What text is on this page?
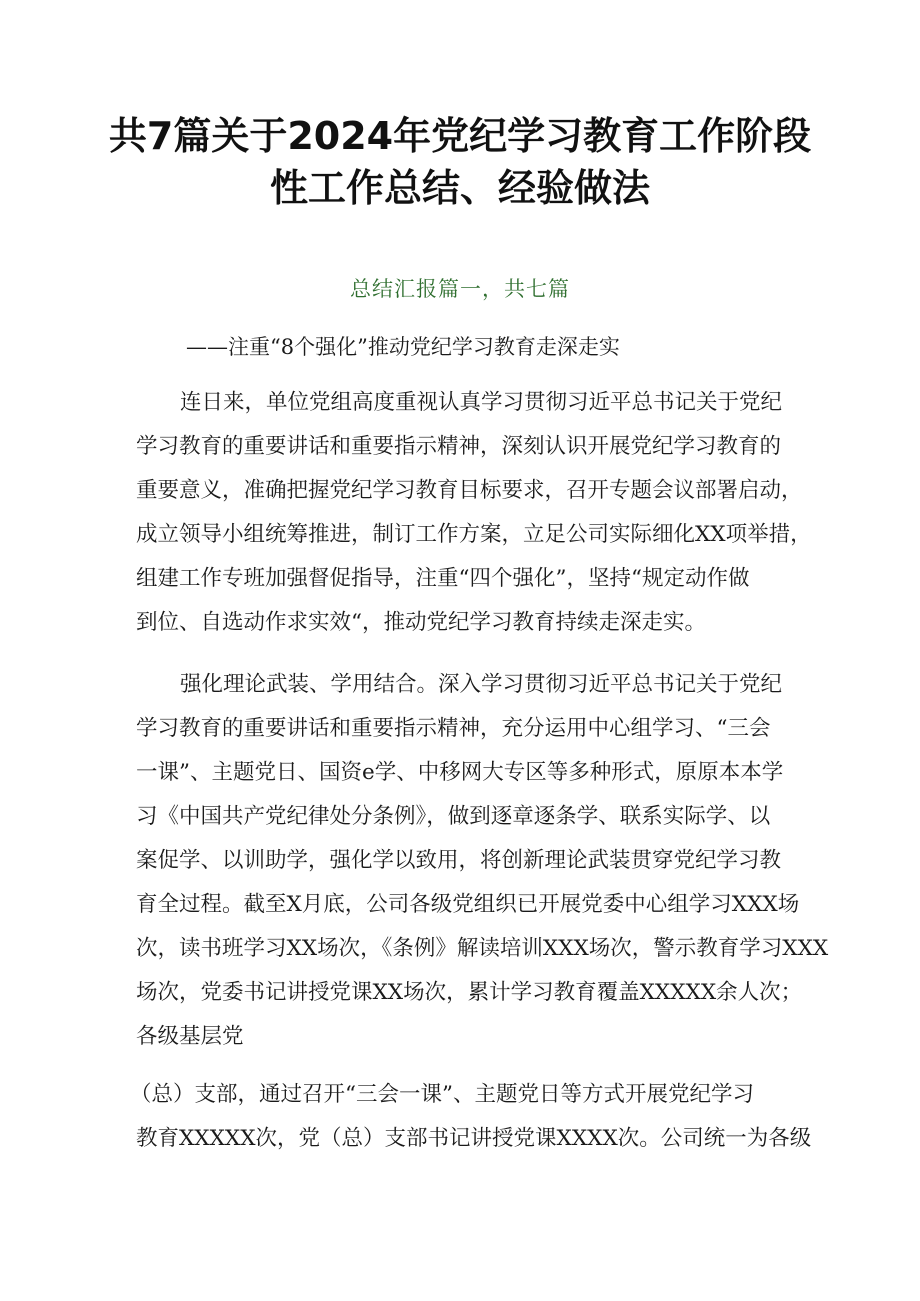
共7篇关于2024年党纪学习教育工作阶段
性工作总结、经验做法

总结汇报篇一，共七篇

——注重“8个强化”推动党纪学习教育走深走实

连日来，单位党组高度重视认真学习贯彻习近平总书记关于党纪

学习教育的重要讲话和重要指示精神，深刻认识开展党纪学习教育的

重要意义，准确把握党纪学习教育目标要求，召开专题会议部署启动，

成立领导小组统筹推进，制订工作方案，立足公司实际细化XX项举措，

组建工作专班加强督促指导，注重“四个强化”，坚持“规定动作做

到位、自选动作求实效“，推动党纪学习教育持续走深走实。

强化理论武装、学用结合。深入学习贯彻习近平总书记关于党纪

学习教育的重要讲话和重要指示精神，充分运用中心组学习、“三会

一课”、主题党日、国资e学、中移网大专区等多种形式，原原本本学

习《中国共产党纪律处分条例》，做到逐章逐条学、联系实际学、以

案促学、以训助学，强化学以致用，将创新理论武装贯穿党纪学习教

育全过程。截至X月底，公司各级党组织已开展党委中心组学习XXX场

次，读书班学习XX场次，《条例》解读培训XXX场次，警示教育学习XXX

场次，党委书记讲授党课XX场次，累计学习教育覆盖XXXXX余人次；

各级基层党

（总）支部，通过召开“三会一课”、主题党日等方式开展党纪学习

教育XXXXX次，党（总）支部书记讲授党课XXXX次。公司统一为各级
